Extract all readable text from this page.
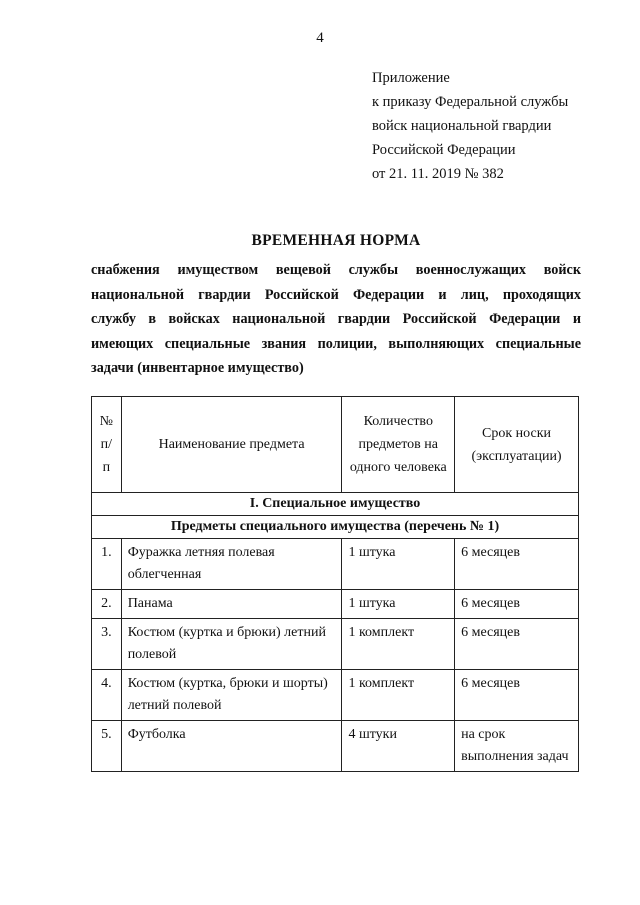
4
Приложение
к приказу Федеральной службы
войск национальной гвардии
Российской Федерации
от 21. 11. 2019 № 382
ВРЕМЕННАЯ НОРМА
снабжения имуществом вещевой службы военнослужащих войск
национальной гвардии Российской Федерации и лиц, проходящих
службу в войсках национальной гвардии Российской Федерации и
имеющих специальные звания полиции, выполняющих специальные
задачи (инвентарное имущество)
№
п/п	Наименование предмета	Количество предметов на одного человека	Срок носки (эксплуатации)
I. Специальное имущество			
Предметы специального имущества (перечень № 1)			
1.	Фуражка летняя полевая облегченная	1 штука	6 месяцев
2.	Панама	1 штука	6 месяцев
3.	Костюм (куртка и брюки) летний полевой	1 комплект	6 месяцев
4.	Костюм (куртка, брюки и шорты) летний полевой	1 комплект	6 месяцев
5.	Футболка	4 штуки	на срок выполнения задач
